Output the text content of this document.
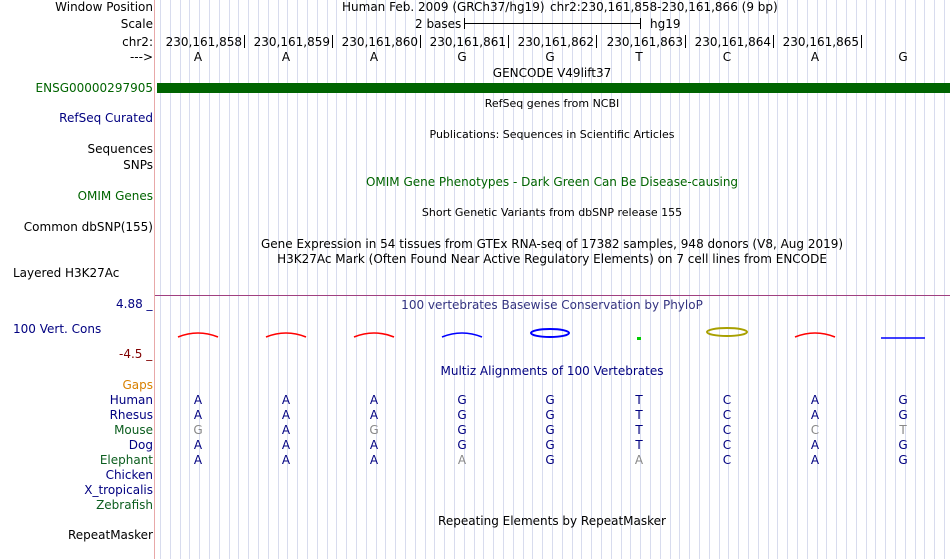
Window Position
Scale
chr2:
--->
Human Feb. 2009 (GRCh37/hg19) chr2:230,161,858-230,161,866 (9 bp)
2 bases	hg19
230,161,858 230,161,859 230,161,860 230,161,861 230,161,862 230,161,863 230,161,864 230,161,865
A	A	A	G	G	T	C	A	G
GENCODE V49lift37
ENSG00000297905
RefSeq genes from NCBI
RefSeq Curated
Publications: Sequences in Scientific Articles
Sequences
SNPs
OMIM Gene Phenotypes - Dark Green Can Be Disease-causing
OMIM Genes
Short Genetic Variants from dbSNP release 155
Common dbSNP(155)
Gene Expression in 54 tissues from GTEx RNA-seq of 17382 samples, 948 donors (V8, Aug 2019)
H3K27Ac Mark (Often Found Near Active Regulatory Elements) on 7 cell lines from ENCODE
Layered H3K27Ac
4.88 _	100 vertebrates Basewise Conservation by PhyloP
100 Vert. Cons
-4.5 _
Multiz Alignments of 100 Vertebrates
Gaps
Human	A	A	A	G	G	T	C	A	G
Rhesus	A	A	A	G	G	T	C	A	G
Mouse	G	A	G	G	G	T	C	C	T
Dog	A	A	A	G	G	T	C	A	G
Elephant	A	A	A	A	G	A	C	A	G
Chicken
X_tropicalis
Zebrafish
Repeating Elements by RepeatMasker
RepeatMasker
